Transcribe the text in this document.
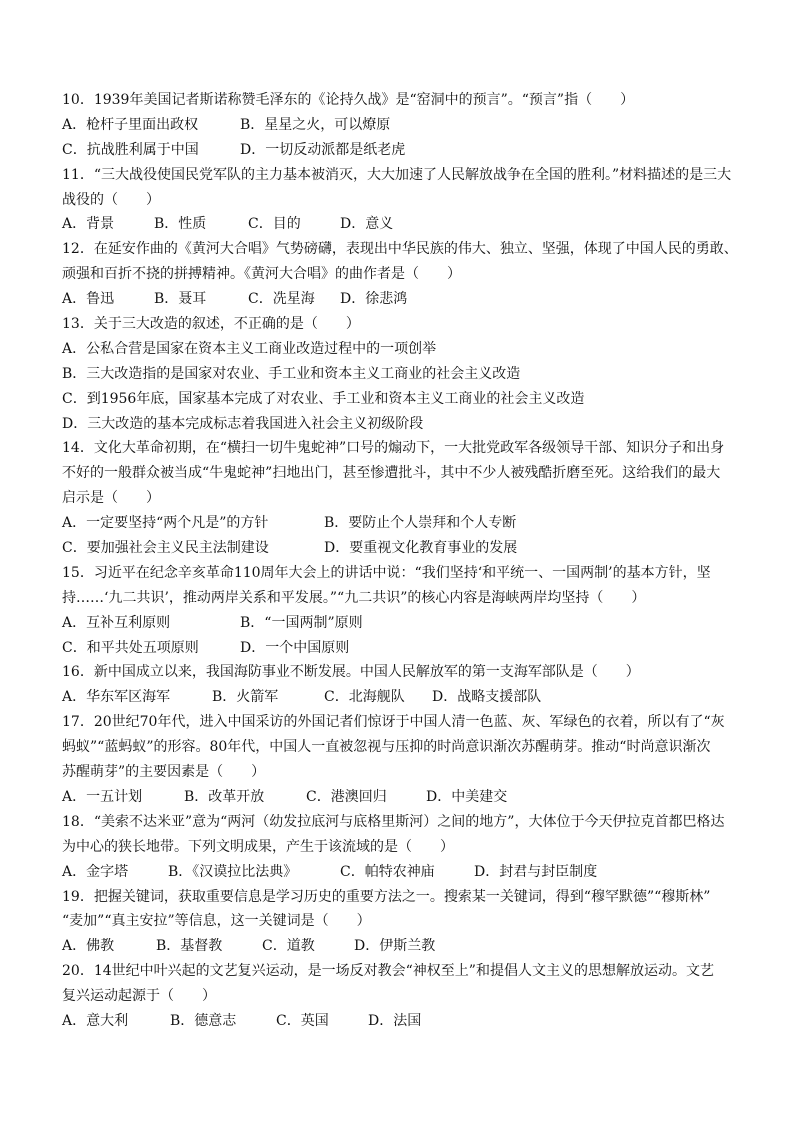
10．1939年美国记者斯诺称赞毛泽东的《论持久战》是“窑洞中的预言”。“预言”指（　　）
A．枪杆子里面出政权	B．星星之火，可以燎原
C．抗战胜利属于中国	D．一切反动派都是纸老虎
11．“三大战役使国民党军队的主力基本被消灭，大大加速了人民解放战争在全国的胜利。”材料描述的是三大
战役的（　　）
A．背景	B．性质	C．目的	D．意义
12．在延安作曲的《黄河大合唱》气势磅礴，表现出中华民族的伟大、独立、坚强，体现了中国人民的勇敢、
顽强和百折不挠的拼搏精神。《黄河大合唱》的曲作者是（　　）
A．鲁迅	B．聂耳	C．冼星海 D．徐悲鸿
13．关于三大改造的叙述，不正确的是（　　）
A．公私合营是国家在资本主义工商业改造过程中的一项创举
B．三大改造指的是国家对农业、手工业和资本主义工商业的社会主义改造
C．到1956年底，国家基本完成了对农业、手工业和资本主义工商业的社会主义改造
D．三大改造的基本完成标志着我国进入社会主义初级阶段
14．文化大革命初期，在“横扫一切牛鬼蛇神”口号的煽动下，一大批党政军各级领导干部、知识分子和出身
不好的一般群众被当成“牛鬼蛇神”扫地出门，甚至惨遭批斗，其中不少人被残酷折磨至死。这给我们的最大
启示是（　　）
A．一定要坚持“两个凡是”的方针	B．要防止个人崇拜和个人专断
C．要加强社会主义民主法制建设	D．要重视文化教育事业的发展
15．习近平在纪念辛亥革命110周年大会上的讲话中说：“我们坚持‘和平统一、一国两制’的基本方针，坚
持……‘九二共识’，推动两岸关系和平发展。”“九二共识”的核心内容是海峡两岸均坚持（　　）
A．互补互利原则	B．“一国两制”原则
C．和平共处五项原则	D．一个中国原则
16．新中国成立以来，我国海防事业不断发展。中国人民解放军的第一支海军部队是（　　）
A．华东军区海军	B．火箭军	C．北海舰队 D．战略支援部队
17．20世纪70年代，进入中国采访的外国记者们惊讶于中国人清一色蓝、灰、军绿色的衣着，所以有了“灰
蚂蚁”“蓝蚂蚁”的形容。80年代，中国人一直被忽视与压抑的时尚意识渐次苏醒萌芽。推动“时尚意识渐次
苏醒萌芽”的主要因素是（　　）
A．一五计划	B．改革开放	C．港澳回归	D．中美建交
18．“美索不达米亚”意为“两河（幼发拉底河与底格里斯河）之间的地方”，大体位于今天伊拉克首都巴格达
为中心的狭长地带。下列文明成果，产生于该流域的是（　　）
A．金字塔	B．《汉谟拉比法典》	C．帕特农神庙	D．封君与封臣制度
19．把握关键词，获取重要信息是学习历史的重要方法之一。搜索某一关键词，得到“穆罕默德”“穆斯林”
“麦加”“真主安拉”等信息，这一关键词是（　　）
A．佛教	B．基督教	C．道教	D．伊斯兰教
20．14世纪中叶兴起的文艺复兴运动，是一场反对教会“神权至上”和提倡人文主义的思想解放运动。文艺
复兴运动起源于（　　）
A．意大利	B．德意志	C．英国	D．法国
